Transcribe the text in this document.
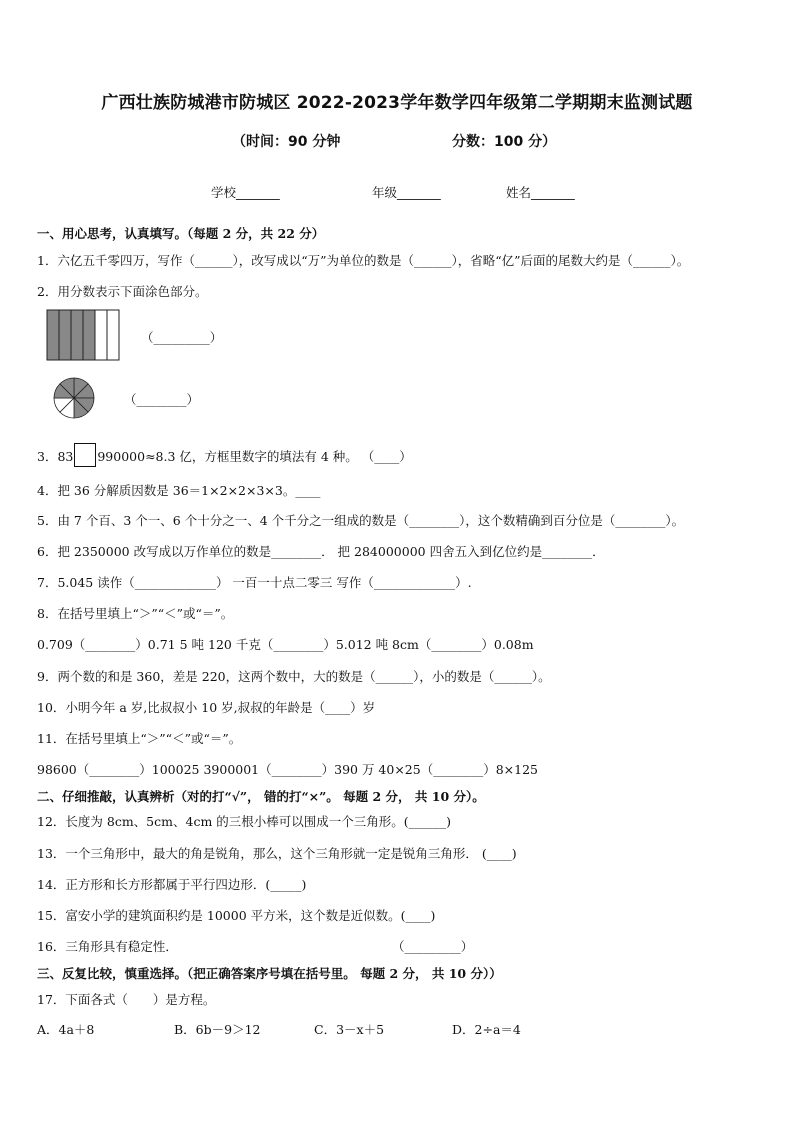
广西壮族防城港市防城区 2022-2023学年数学四年级第二学期期末监测试题
（时间：90 分钟	分数：100 分）
学校_______	年级_______	姓名_______
一、用心思考，认真填写。（每题 2 分，共 22 分）
1．六亿五千零四万，写作（______），改写成以“万”为单位的数是（______），省略“亿”后面的尾数大约是（______）。
2．用分数表示下面涂色部分。
（_________）
（________）
3．83 990000≈8.3 亿，方框里数字的填法有 4 种。 （____）
4．把 36 分解质因数是 36＝1×2×2×3×3。____
5．由 7 个百、3 个一、6 个十分之一、4 个千分之一组成的数是（________），这个数精确到百分位是（________）。
6．把 2350000 改写成以万作单位的数是________． 把 284000000 四舍五入到亿位约是________．
7．5.045 读作（_____________） 一百一十点二零三 写作（_____________）.
8．在括号里填上“＞”“＜”或“＝”。
0.709（________）0.71 5 吨 120 千克（________）5.012 吨 8cm（________）0.08m
9．两个数的和是 360，差是 220，这两个数中，大的数是（______），小的数是（______）。
10．小明今年 a 岁,比叔叔小 10 岁,叔叔的年龄是（____）岁
11．在括号里填上“＞”“＜”或“＝”。
98600（________）100025 3900001（________）390 万 40×25（________）8×125
二、仔细推敲，认真辨析（对的打“√”， 错的打“×”。 每题 2 分， 共 10 分）。
12．长度为 8cm、5cm、4cm 的三根小棒可以围成一个三角形。(______)
13．一个三角形中，最大的角是锐角，那么，这个三角形就一定是锐角三角形． (____)
14．正方形和长方形都属于平行四边形．(_____)
15．富安小学的建筑面积约是 10000 平方米，这个数是近似数。(____)
16．三角形具有稳定性．	（_________）
三、反复比较，慎重选择。（把正确答案序号填在括号里。 每题 2 分， 共 10 分））
17．下面各式（　　）是方程。
A．4a＋8	B．6b－9＞12	C．3－x＋5	D．2÷a＝4
